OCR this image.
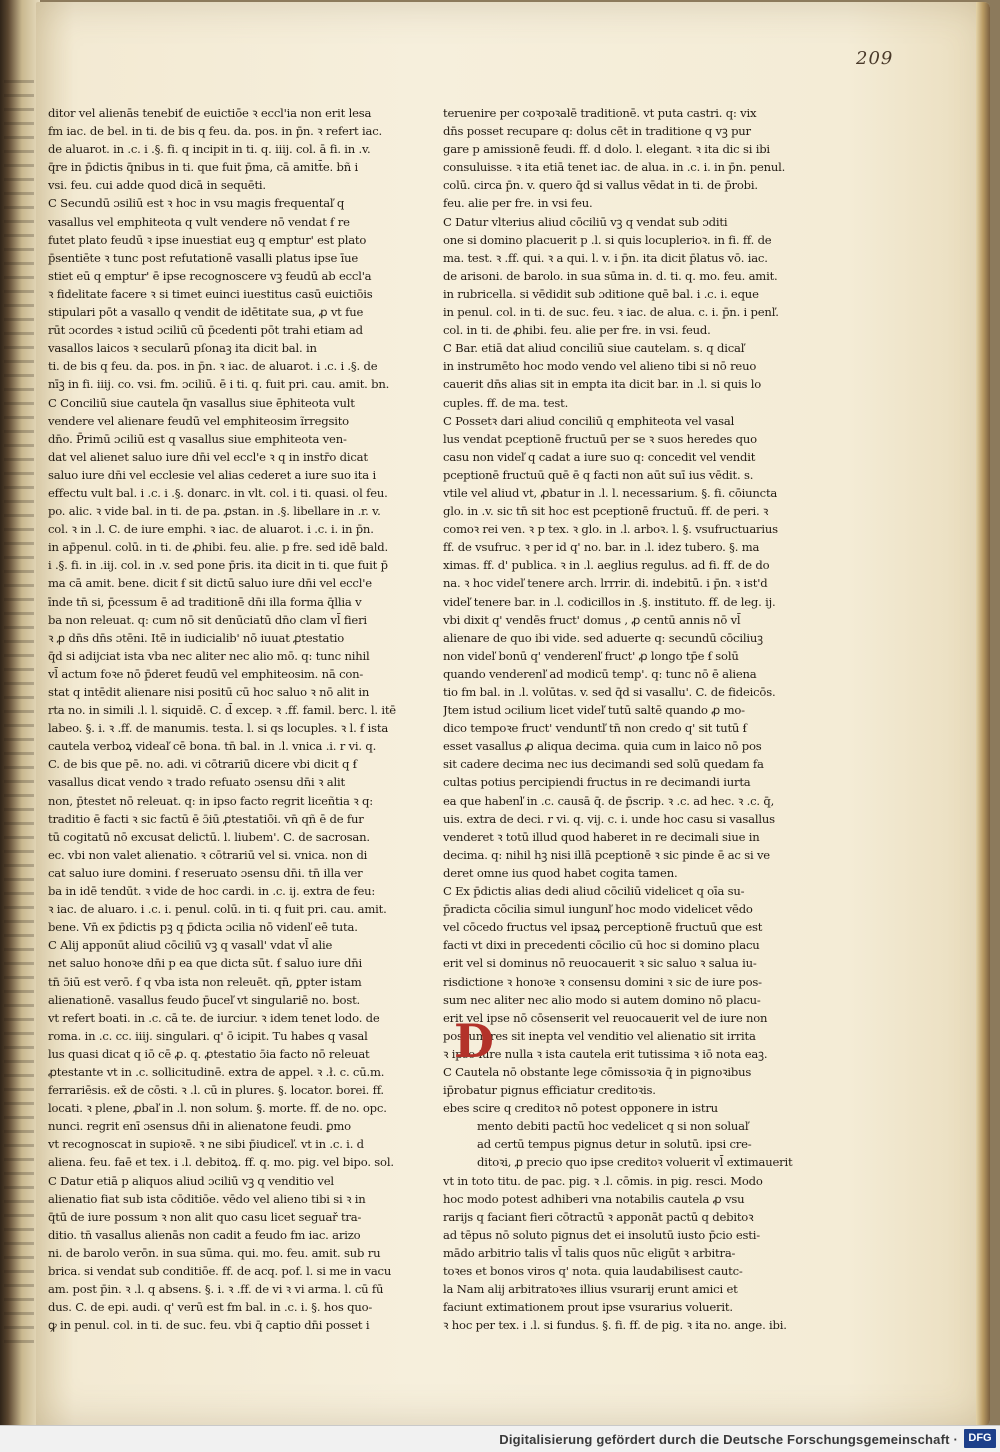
209
ditor vel alienās tenebiť de euictiōe ꝛ eccl'ia non erit lesa
fm iac. de bel. in ti. de bis q feu. da. pos. in p̄n. ꝛ refert iac.
de aluarot. in .c. i .§. fi. q incipit in ti. q. iiij. col. ā fi. in .v.
q̄re in p̄dictis q̄nibus in ti. que fuit p̄ma, cā amitt̄e. bñ i
vsi. feu. cui adde quod dicā in sequēti.
C Secundū ɔsiliū est ꝛ hoc in vsu magis frequentaľ q
vasallus vel emphiteota q vult vendere nō vendat ẜ re
futet plato feudū ꝛ ipse inuestiat euꝫ q emptur' est plato
p̄sentiēte ꝛ tunc post refutationē vasalli platus ipse īue
stiet eū q emptur' ē ipse recognoscere vꝫ feudū ab eccl'a
ꝛ fidelitate facere ꝛ si timet euinci iuestitus casū euictiōis
stipulari pōt a vasallo q vendit de idētitate sua, ꝓ vt fue
rūt ɔcordes ꝛ istud ɔciliū cū p̄cedenti pōt trahi etiam ad
vasallos laicos ꝛ secularū pſonaꝫ ita dicit bal. in
ti. de bis q feu. da. pos. in p̄n. ꝛ iac. de aluarot. i .c. i .§. de
nīꝫ in fi. iiij. co. vsi. fm. ɔciliū. ē i ti. q. fuit pri. cau. amit. bn.
C Conciliū siue cautela q̄n vasallus siue ēphiteota vult
vendere vel alienare feudū vel emphiteosim ĩrregsito
dn̄o. P̄rimū ɔciliū est q vasallus siue emphiteota ven-
dat vel alienet saluo iure dn̄i vel eccl'e ꝛ q in instr̄o dicat
saluo iure dn̄i vel ecclesie vel alias cederet a iure suo ita i
effectu vult bal. i .c. i .§. donarc. in vlt. col. i ti. quasi. ol feu.
po. alic. ꝛ vide bal. in ti. de pa. ꝓstan. in .§. libellare in .r. v.
col. ꝛ in .l. C. de iure emphi. ꝛ iac. de aluarot. i .c. i. in p̄n.
in ap̄penul. colū. in ti. de ꝓhibi. feu. alie. p fre. sed idē bald.
i .§. fi. in .iij. col. in .v. sed pone p̄ris. ita dicit in ti. que fuit p̄
ma cā amit. bene. dicit ẜ sit dictū saluo iure dn̄i vel eccl'e
īnde tn̄ si, p̄cessum ē ad traditionē dn̄i illa forma q̄llia v
ba non releuat. q: cum nō sit denūciatū dn̄o clam vl̄ fieri
ꝛ ꝓ dn̄s dn̄s ɔtēni. Itē in iudicialib' nō iuuat ꝓtestatio
q̄d si adijciat ista vba nec aliter nec alio mō. q: tunc nihil
vl̄ actum foꝛe nō p̄deret feudū vel emphiteosim. nā con-
stat q intēdit alienare nisi positū cū hoc saluo ꝛ nō alit in
rta no. in simili .l. l. siquidē. C. d̄ excep. ꝛ .ff. famil. berc. l. itē
labeo. §. i. ꝛ .ff. de manumis. testa. l. si qs locuples. ꝛ l. ẜ ista
cautela verboꝝ videaľ cē bona. tn̄ bal. in .l. vnica .i. r vi. q.
C. de bis que pē. no. adi. vi cōtrariū dicere vbi dicit q ẜ
vasallus dicat vendo ꝛ trado refuato ɔsensu dn̄i ꝛ alit
non, p̄testet nō releuat. q: in ipso facto regrit liceñtia ꝛ q:
traditio ē facti ꝛ sic factū ē ɔ̄iū ꝓtestatiōi. vn̄ qñ ē de fur
tū cogitatū nō excusat delictū. l. liubem'. C. de sacrosan.
ec. vbi non valet alienatio. ꝛ cōtrariū vel si. vnica. non di
cat saluo iure domini. ẜ reseruato ɔsensu dn̄i. tn̄ illa ver
ba in idē tendūt. ꝛ vide de hoc cardi. in .c. ij. extra de feu:
ꝛ iac. de aluaro. i .c. i. penul. colū. in ti. q fuit pri. cau. amit.
bene. Vn̄ ex p̄dictis pꝫ q p̄dicta ɔcilia nō videnľ eē tuta.
C Alij apponūt aliud cōciliū vꝫ q vasall' vdat vl̄ alie
net saluo honoꝛe dn̄i p ea que dicta sūt. ẜ saluo iure dn̄i
tn̄ ɔ̄iū est verō. ẜ q vba ista non releuēt. qn̄, ꝑpter istam
alienationē. vasallus feudo p̄uceľ vt singulariē no. bost.
vt refert boati. in .c. cā te. de iurciur. ꝛ idem tenet lodo. de
roma. in .c. cc. iiij. singulari. q' ō icipit. Tu habes q vasal
lus quasi dicat q iō cē ꝓ. q. ꝓtestatio ɔ̄ia facto nō releuat
ꝓtestante vt in .c. sollicitudinē. extra de appel. ꝛ .ł. c. cū.m.
ferrariēsis. ex̄ de cōsti. ꝛ .l. cū in plures. §. locator. borei. ff.
locati. ꝛ plene, ꝓbaľ in .l. non solum. §. morte. ff. de no. opc.
nunci. regrit enī ɔsensus dn̄i in alienatone feudi. ꝑmo
vt recognoscat in supioꝛē. ꝛ ne sibi p̄iudiceľ. vt in .c. i. d
aliena. feu. faē et tex. i .l. debitoꝝ. ff. q. mo. pig. vel bipo. sol.
C Datur etiā p aliquos aliud ɔciliū vꝫ q venditio vel
alienatio fiat sub ista cōditiōe. vēdo vel alieno tibi si ꝛ in
q̄tū de iure possum ꝛ non alit quo casu licet seguař tra-
ditio. tn̄ vasallus alienās non cadit a feudo fm iac. arizo
ni. de barolo verōn. in sua sūma. qui. mo. feu. amit. sub ru
brica. si vendat sub conditiōe. ff. de acq. pof. l. si me in vacu
am. post p̄in. ꝛ .l. q absens. §. i. ꝛ .ff. de vi ꝛ vi arma. l. cū fū
dus. C. de epi. audi. q' verū est fm bal. in .c. i. §. hos quo-
ꝙ in penul. col. in ti. de suc. feu. vbi q̄ captio dn̄i posset i
teruenire per coꝛpoꝛalē traditionē. vt puta castri. q: vix
dn̄s posset recupare q: dolus cēt in traditione q vꝫ pur
gare p amissionē feudi. ff. d dolo. l. elegant. ꝛ ita dic si ibi
consuluisse. ꝛ ita etiā tenet iac. de alua. in .c. i. in p̄n. penul.
colū. circa p̄n. v. quero q̄d si vallus vēdat in ti. de p̄robi.
feu. alie per fre. in vsi feu.
C Datur vlterius aliud cōciliū vꝫ q vendat sub ɔditi
one si domino placuerit p .l. si quis locuplerioꝛ. in fi. ff. de
ma. test. ꝛ .ff. qui. ꝛ a qui. l. v. i p̄n. ita dicit p̄latus vō. iac.
de arisoni. de barolo. in sua sūma in. d. ti. q. mo. feu. amit.
in rubricella. si vēdidit sub ɔditione quē bal. i .c. i. eque
in penul. col. in ti. de suc. feu. ꝛ iac. de alua. c. i. p̄n. i penľ.
col. in ti. de ꝓhibi. feu. alie per fre. in vsi. feud.
C Bar. etiā dat aliud conciliū siue cautelam. s. q dicaľ
in instrumēto hoc modo vendo vel alieno tibi si nō reuo
cauerit dn̄s alias sit in empta ita dicit bar. in .l. si quis lo
cuples. ff. de ma. test.
C Possetꝛ dari aliud conciliū q emphiteota vel vasal
lus vendat pceptionē fructuū per se ꝛ suos heredes quo
casu non videľ q cadat a iure suo q: concedit vel vendit
pceptionē fructuū quē ē q facti non aūt suī ius vēdit. s.
vtile vel aliud vt, ꝓbatur in .l. l. necessarium. §. fi. cōiuncta
glo. in .v. sic tn̄ sit hoc est pceptionē fructuū. ff. de peri. ꝛ
comoꝛ rei ven. ꝛ p tex. ꝛ glo. in .l. arboꝛ. l. §. vsufructuarius
ff. de vsufruc. ꝛ per id q' no. bar. in .l. idez tubero. §. ma
ximas. ff. d' publica. ꝛ in .l. aeglius regulus. ad fi. ff. de do
na. ꝛ hoc videľ tenere arch. lrrrir. di. indebitū. i p̄n. ꝛ ist'd
videľ tenere bar. in .l. codicillos in .§. instituto. ff. de leg. ij.
vbi dixit q' vendēs fruct' domus , ꝓ centū annis nō vl̄
alienare de quo ibi vide. sed aduerte q: secundū cōciliuꝫ
non videľ bonū q' venderenľ fruct' ꝓ longo tp̄e ẜ solū
quando venderenľ ad modicū temp'. q: tunc nō ē aliena
tio fm bal. in .l. volūtas. v. sed q̄d si vasallu'. C. de fideicōs.
Jtem istud ɔcilium licet videľ tutū saltē quando ꝓ mo-
dico tempoꝛe fruct' venduntľ tn̄ non credo q' sit tutū ẜ
esset vasallus ꝓ aliqua decima. quia cum in laico nō pos
sit cadere decima nec ius decimandi sed solū quedam fa
cultas potius percipiendi fructus in re decimandi iurta
ea que habenľ in .c. causā q̄. de p̄scrip. ꝛ .c. ad hec. ꝛ .c. q̄,
uis. extra de deci. r vi. q. vij. c. i. unde hoc casu si vasallus
venderet ꝛ totū illud quod haberet in re decimali siue in
decima. q: nihil hꝫ nisi illā pceptionē ꝛ sic pinde ē ac si ve
deret omne ius quod habet cogita tamen.
C Ex p̄dictis alias dedi aliud cōciliū videlicet q oīa su-
p̄radicta cōcilia simul iungunľ hoc modo videlicet vēdo
vel cōcedo fructus vel ipsaꝝ perceptionē fructuū que est
facti vt dixi in precedenti cōcilio cū hoc si domino placu
erit vel si dominus nō reuocauerit ꝛ sic saluo ꝛ salua iu-
risdictione ꝛ honoꝛe ꝛ consensu domini ꝛ sic de iure pos-
sum nec aliter nec alio modo si autem domino nō placu-
erit vel ipse nō cōsenserit vel reuocauerit vel de iure non
possum res sit inepta vel venditio vel alienatio sit irrita
ꝛ ipso iure nulla ꝛ ista cautela erit tutissima ꝛ iō nota eaꝫ.
C Cautela nō obstante lege cōmissoꝛia q̄ in pignoꝛibus
ip̄robatur pignus efficiatur creditoꝛis.
ebes scire q creditoꝛ nō potest opponere in istru
mento debiti pactū hoc vedelicet q si non soluaľ
ad certū tempus pignus detur in solutū. ipsi cre-
ditoꝛi, ꝓ precio quo ipse creditoꝛ voluerit vl̄ extimauerit
vt in toto titu. de pac. pig. ꝛ .l. cōmis. in pig. resci. Modo
hoc modo potest adhiberi vna notabilis cautela ꝓ vsu
rarijs q faciant fieri cōtractū ꝛ apponāt pactū q debitoꝛ
ad tēpus nō soluto pignus det ei insolutū iusto p̄cio esti-
mādo arbitrio talis vl̄ talis quos nūc eligūt ꝛ arbitra-
toꝛes et bonos viros q' nota. quia laudabilisest cautc-
la Nam alij arbitratoꝛes illius vsurarij erunt amici et
faciunt extimationem prout ipse vsurarius voluerit.
ꝛ hoc per tex. i .l. si fundus. §. fi. ff. de pig. ꝛ ita no. ange. ibi.
D
Digitalisierung gefördert durch die Deutsche Forschungsgemeinschaft · DFG
